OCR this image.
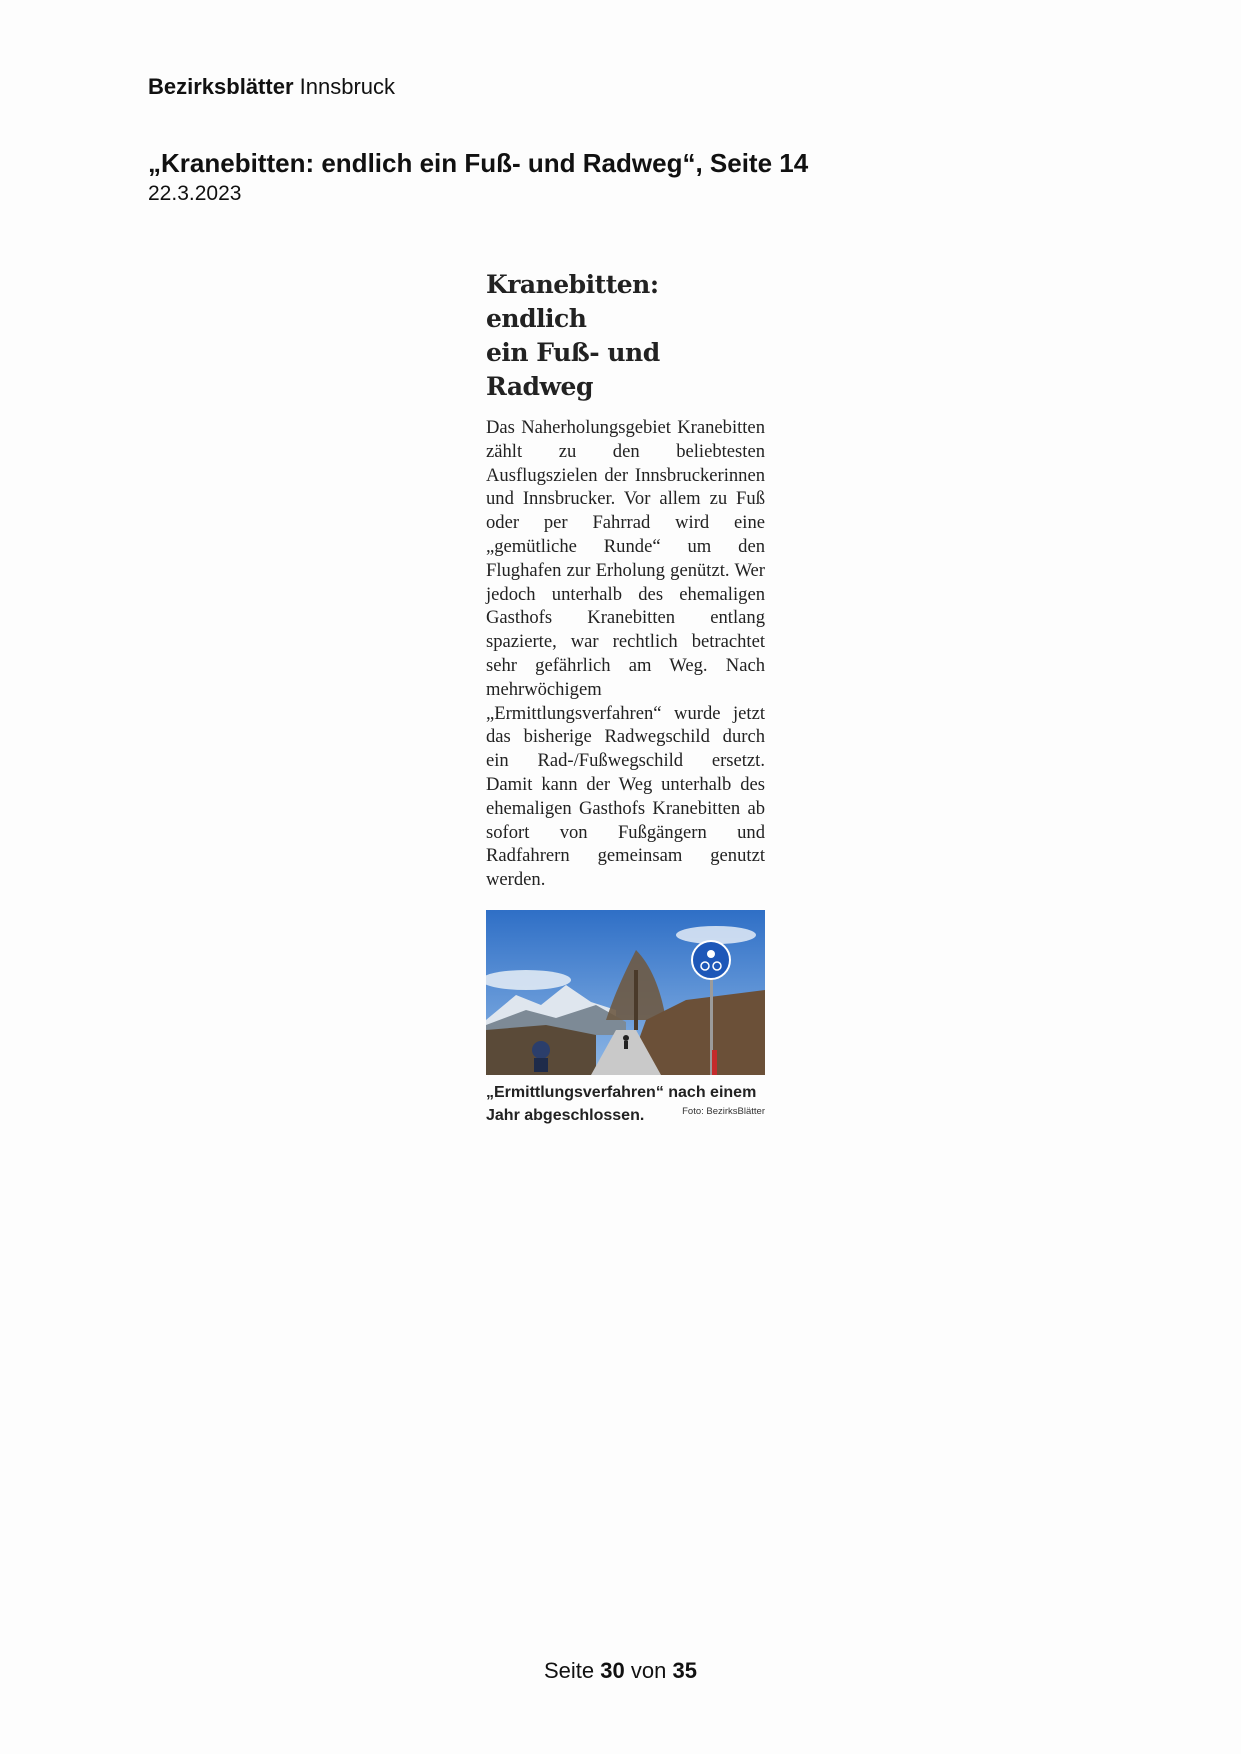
Bezirksblätter Innsbruck
„Kranebitten: endlich ein Fuß- und Radweg“, Seite 14
22.3.2023
Kranebitten: endlich
ein Fuß- und Radweg

Das Naherholungsgebiet Kranebitten zählt zu den beliebtesten Ausflugszielen der Innsbruckerinnen und Innsbrucker. Vor allem zu Fuß oder per Fahrrad wird eine „gemütliche Runde“ um den Flughafen zur Erholung genützt. Wer jedoch unterhalb des ehemaligen Gasthofs Kranebitten entlang spazierte, war rechtlich betrachtet sehr gefährlich am Weg. Nach mehrwöchigem „Ermittlungsverfahren“ wurde jetzt das bisherige Radwegschild durch ein Rad-/Fußwegschild ersetzt. Damit kann der Weg unterhalb des ehemaligen Gasthofs Kranebitten ab sofort von Fußgängern und Radfahrern gemeinsam genutzt werden.

„Ermittlungsverfahren“ nach einem
Jahr abgeschlossen.	Foto: BezirksBlätter
Seite 30 von 35
